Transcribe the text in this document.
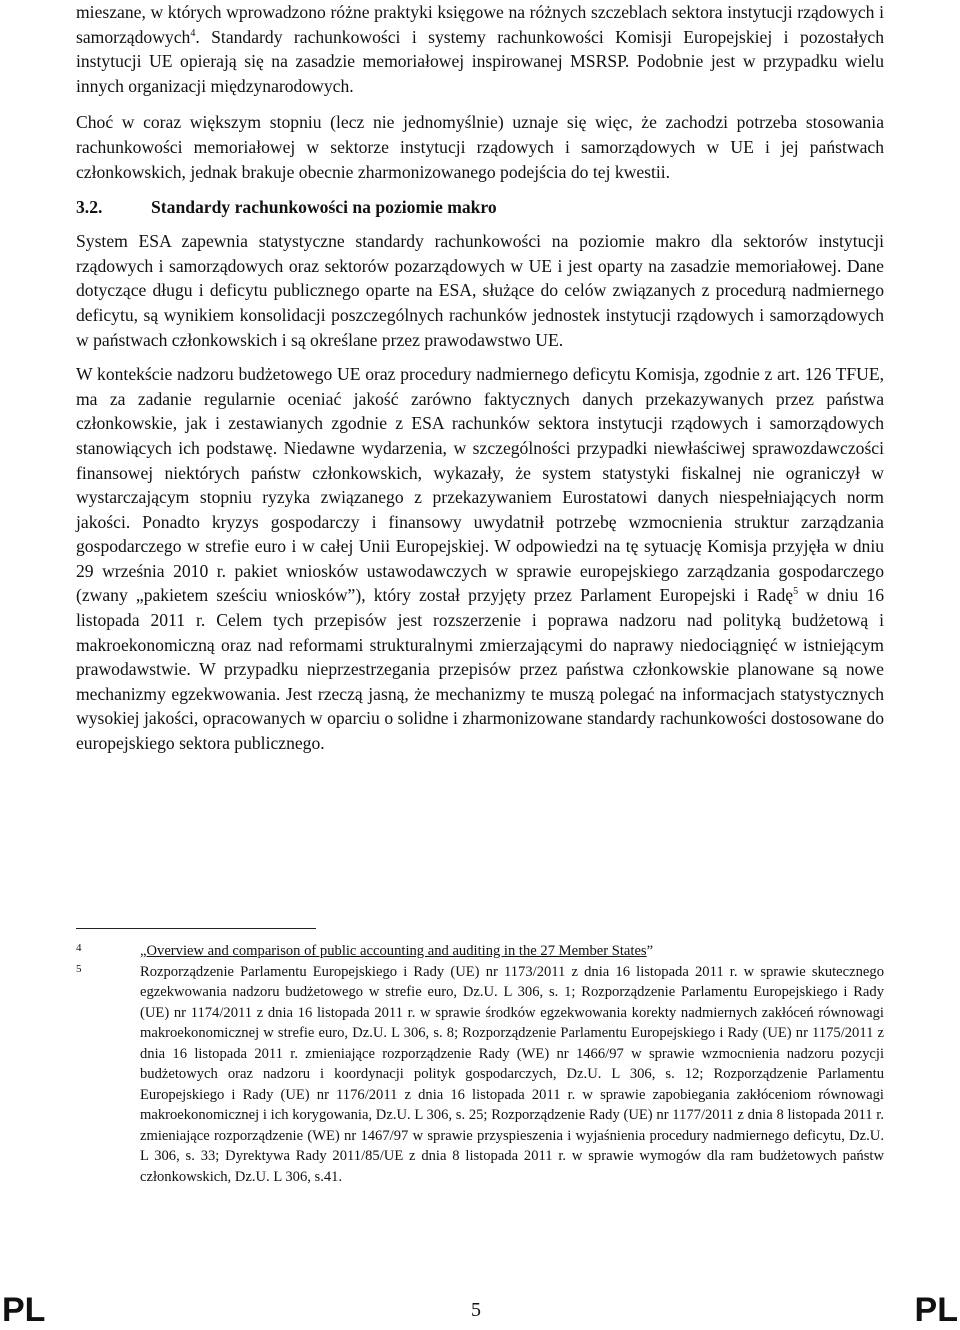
mieszane, w których wprowadzono różne praktyki księgowe na różnych szczeblach sektora instytucji rządowych i samorządowych$^4$. Standardy rachunkowości i systemy rachunkowości Komisji Europejskiej i pozostałych instytucji UE opierają się na zasadzie memoriałowej inspirowanej MSRSP. Podobnie jest w przypadku wielu innych organizacji międzynarodowych.

Choć w coraz większym stopniu (lecz nie jednomyślnie) uznaje się więc, że zachodzi potrzeba stosowania rachunkowości memoriałowej w sektorze instytucji rządowych i samorządowych w UE i jej państwach członkowskich, jednak brakuje obecnie zharmonizowanego podejścia do tej kwestii.

3.2.	Standardy rachunkowości na poziomie makro

System ESA zapewnia statystyczne standardy rachunkowości na poziomie makro dla sektorów instytucji rządowych i samorządowych oraz sektorów pozarządowych w UE i jest oparty na zasadzie memoriałowej. Dane dotyczące długu i deficytu publicznego oparte na ESA, służące do celów związanych z procedurą nadmiernego deficytu, są wynikiem konsolidacji poszczególnych rachunków jednostek instytucji rządowych i samorządowych w państwach członkowskich i są określane przez prawodawstwo UE.

W kontekście nadzoru budżetowego UE oraz procedury nadmiernego deficytu Komisja, zgodnie z art. 126 TFUE, ma za zadanie regularnie oceniać jakość zarówno faktycznych danych przekazywanych przez państwa członkowskie, jak i zestawianych zgodnie z ESA rachunków sektora instytucji rządowych i samorządowych stanowiących ich podstawę. Niedawne wydarzenia, w szczególności przypadki niewłaściwej sprawozdawczości finansowej niektórych państw członkowskich, wykazały, że system statystyki fiskalnej nie ograniczył w wystarczającym stopniu ryzyka związanego z przekazywaniem Eurostatowi danych niespełniających norm jakości. Ponadto kryzys gospodarczy i finansowy uwydatnił potrzebę wzmocnienia struktur zarządzania gospodarczego w strefie euro i w całej Unii Europejskiej. W odpowiedzi na tę sytuację Komisja przyjęła w dniu 29 września 2010 r. pakiet wniosków ustawodawczych w sprawie europejskiego zarządzania gospodarczego (zwany „pakietem sześciu wniosków”), który został przyjęty przez Parlament Europejski i Radę$^5$ w dniu 16 listopada 2011 r. Celem tych przepisów jest rozszerzenie i poprawa nadzoru nad polityką budżetową i makroekonomiczną oraz nad reformami strukturalnymi zmierzającymi do naprawy niedociągnięć w istniejącym prawodawstwie. W przypadku nieprzestrzegania przepisów przez państwa członkowskie planowane są nowe mechanizmy egzekwowania. Jest rzeczą jasną, że mechanizmy te muszą polegać na informacjach statystycznych wysokiej jakości, opracowanych w oparciu o solidne i zharmonizowane standardy rachunkowości dostosowane do europejskiego sektora publicznego.

4	„Overview and comparison of public accounting and auditing in the 27 Member States”
5	Rozporządzenie Parlamentu Europejskiego i Rady (UE) nr 1173/2011 z dnia 16 listopada 2011 r. w sprawie skutecznego egzekwowania nadzoru budżetowego w strefie euro, Dz.U. L 306, s. 1; Rozporządzenie Parlamentu Europejskiego i Rady (UE) nr 1174/2011 z dnia 16 listopada 2011 r. w sprawie środków egzekwowania korekty nadmiernych zakłóceń równowagi makroekonomicznej w strefie euro, Dz.U. L 306, s. 8; Rozporządzenie Parlamentu Europejskiego i Rady (UE) nr 1175/2011 z dnia 16 listopada 2011 r. zmieniające rozporządzenie Rady (WE) nr 1466/97 w sprawie wzmocnienia nadzoru pozycji budżetowych oraz nadzoru i koordynacji polityk gospodarczych, Dz.U. L 306, s. 12; Rozporządzenie Parlamentu Europejskiego i Rady (UE) nr 1176/2011 z dnia 16 listopada 2011 r. w sprawie zapobiegania zakłóceniom równowagi makroekonomicznej i ich korygowania, Dz.U. L 306, s. 25; Rozporządzenie Rady (UE) nr 1177/2011 z dnia 8 listopada 2011 r. zmieniające rozporządzenie (WE) nr 1467/97 w sprawie przyspieszenia i wyjaśnienia procedury nadmiernego deficytu, Dz.U. L 306, s. 33; Dyrektywa Rady 2011/85/UE z dnia 8 listopada 2011 r. w sprawie wymogów dla ram budżetowych państw członkowskich, Dz.U. L 306, s.41.
PL	5	PL
